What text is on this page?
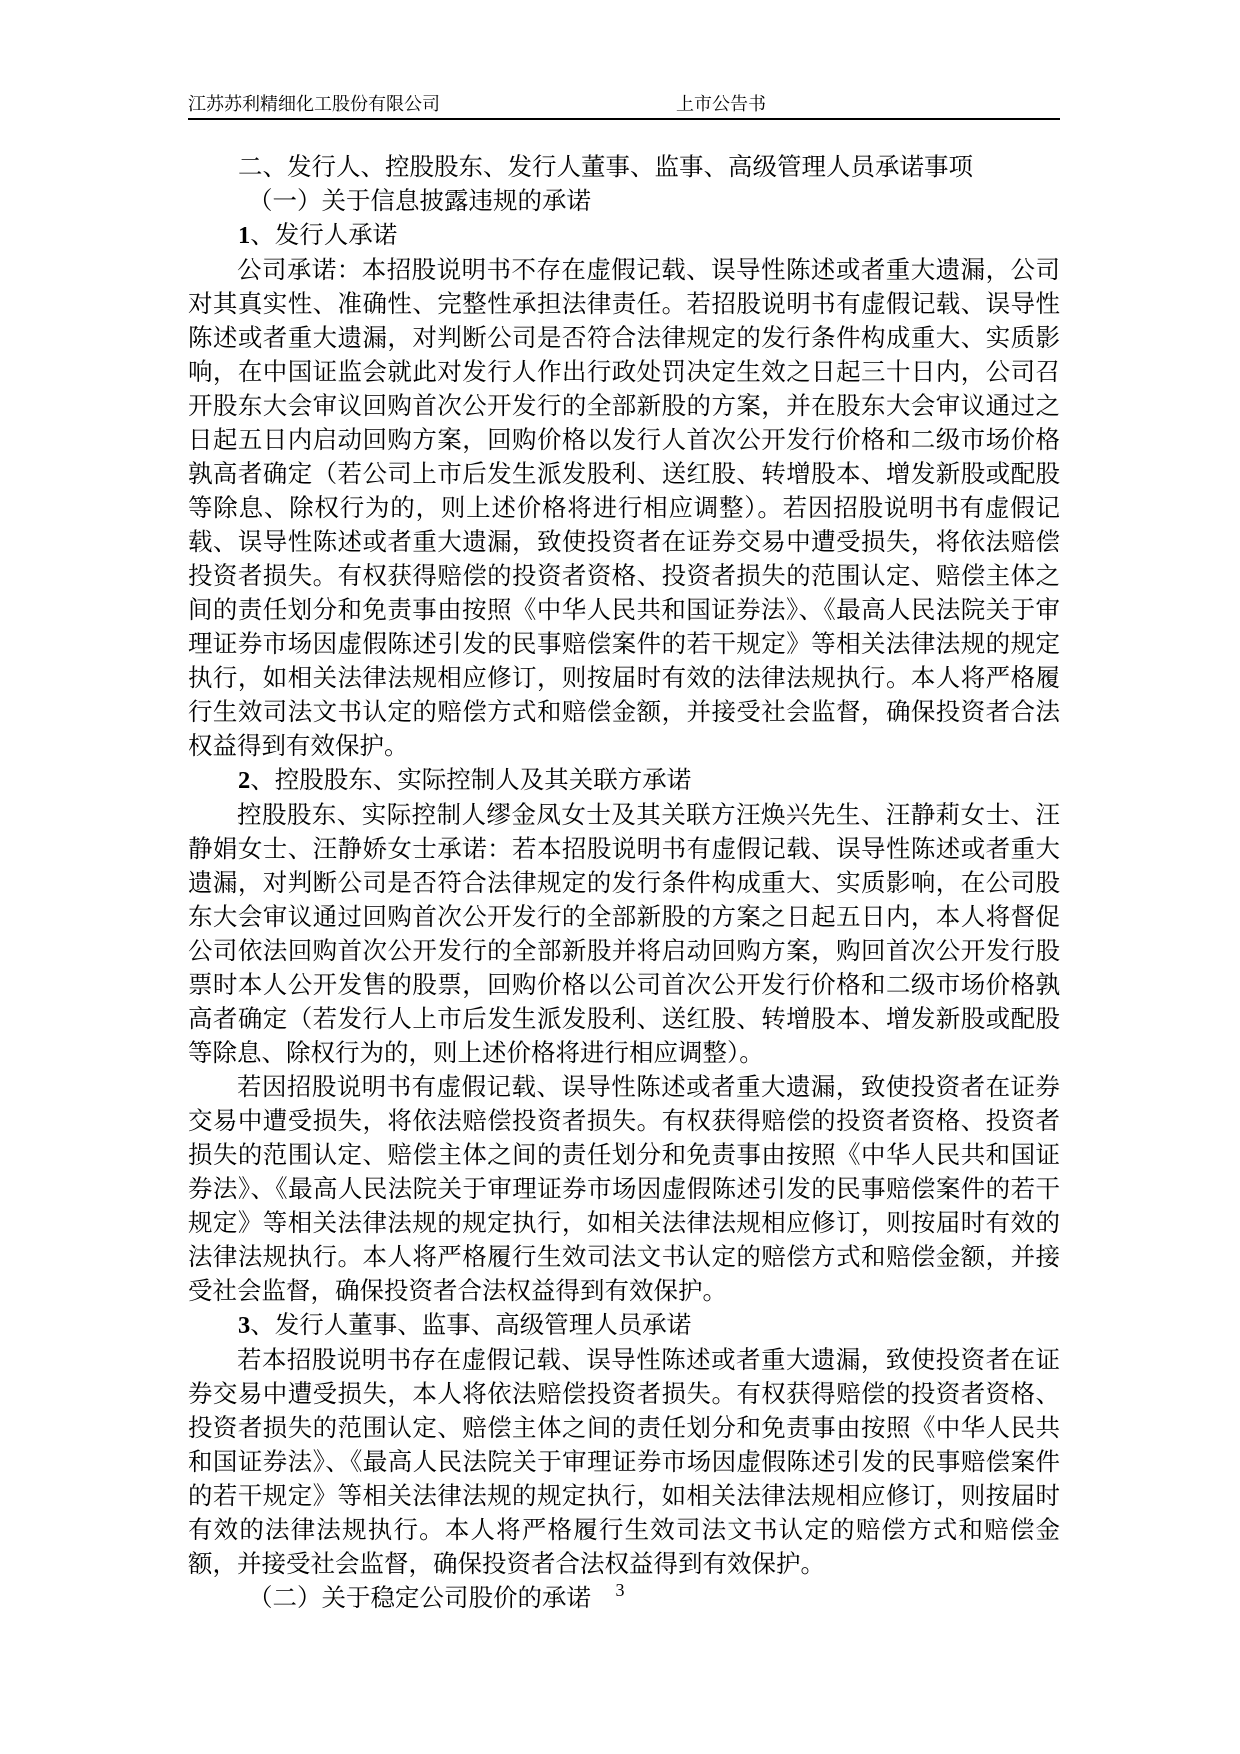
江苏苏利精细化工股份有限公司	上市公告书

二、发行人、控股股东、发行人董事、监事、高级管理人员承诺事项

（一）关于信息披露违规的承诺

1、发行人承诺

公司承诺：本招股说明书不存在虚假记载、误导性陈述或者重大遗漏，公司对其真实性、准确性、完整性承担法律责任。若招股说明书有虚假记载、误导性陈述或者重大遗漏，对判断公司是否符合法律规定的发行条件构成重大、实质影响，在中国证监会就此对发行人作出行政处罚决定生效之日起三十日内，公司召开股东大会审议回购首次公开发行的全部新股的方案，并在股东大会审议通过之日起五日内启动回购方案，回购价格以发行人首次公开发行价格和二级市场价格孰高者确定（若公司上市后发生派发股利、送红股、转增股本、增发新股或配股等除息、除权行为的，则上述价格将进行相应调整）。若因招股说明书有虚假记载、误导性陈述或者重大遗漏，致使投资者在证券交易中遭受损失，将依法赔偿投资者损失。有权获得赔偿的投资者资格、投资者损失的范围认定、赔偿主体之间的责任划分和免责事由按照《中华人民共和国证券法》、《最高人民法院关于审理证券市场因虚假陈述引发的民事赔偿案件的若干规定》等相关法律法规的规定执行，如相关法律法规相应修订，则按届时有效的法律法规执行。本人将严格履行生效司法文书认定的赔偿方式和赔偿金额，并接受社会监督，确保投资者合法权益得到有效保护。

2、控股股东、实际控制人及其关联方承诺

控股股东、实际控制人缪金凤女士及其关联方汪焕兴先生、汪静莉女士、汪静娟女士、汪静娇女士承诺：若本招股说明书有虚假记载、误导性陈述或者重大遗漏，对判断公司是否符合法律规定的发行条件构成重大、实质影响，在公司股东大会审议通过回购首次公开发行的全部新股的方案之日起五日内，本人将督促公司依法回购首次公开发行的全部新股并将启动回购方案，购回首次公开发行股票时本人公开发售的股票，回购价格以公司首次公开发行价格和二级市场价格孰高者确定（若发行人上市后发生派发股利、送红股、转增股本、增发新股或配股等除息、除权行为的，则上述价格将进行相应调整）。

若因招股说明书有虚假记载、误导性陈述或者重大遗漏，致使投资者在证券交易中遭受损失，将依法赔偿投资者损失。有权获得赔偿的投资者资格、投资者损失的范围认定、赔偿主体之间的责任划分和免责事由按照《中华人民共和国证券法》、《最高人民法院关于审理证券市场因虚假陈述引发的民事赔偿案件的若干规定》等相关法律法规的规定执行，如相关法律法规相应修订，则按届时有效的法律法规执行。本人将严格履行生效司法文书认定的赔偿方式和赔偿金额，并接受社会监督，确保投资者合法权益得到有效保护。

3、发行人董事、监事、高级管理人员承诺

若本招股说明书存在虚假记载、误导性陈述或者重大遗漏，致使投资者在证券交易中遭受损失，本人将依法赔偿投资者损失。有权获得赔偿的投资者资格、投资者损失的范围认定、赔偿主体之间的责任划分和免责事由按照《中华人民共和国证券法》、《最高人民法院关于审理证券市场因虚假陈述引发的民事赔偿案件的若干规定》等相关法律法规的规定执行，如相关法律法规相应修订，则按届时有效的法律法规执行。本人将严格履行生效司法文书认定的赔偿方式和赔偿金额，并接受社会监督，确保投资者合法权益得到有效保护。

（二）关于稳定公司股价的承诺	3
